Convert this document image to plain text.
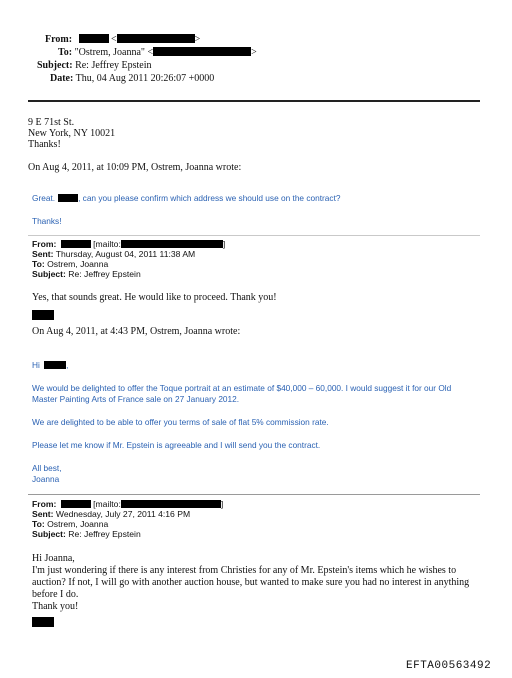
From:	<	>
To: "Ostrem, Joanna" <	>
Subject: Re: Jeffrey Epstein
Date: Thu, 04 Aug 2011 20:26:07 +0000
9 E 71st St.
New York, NY 10021
Thanks!
On Aug 4, 2011, at 10:09 PM, Ostrem, Joanna wrote:
Great.	, can you please confirm which address we should use on the contract?
Thanks!
From:	[mailto:	]
Sent: Thursday, August 04, 2011 11:38 AM
To: Ostrem, Joanna
Subject: Re: Jeffrey Epstein
Yes, that sounds great. He would like to proceed. Thank you!
On Aug 4, 2011, at 4:43 PM, Ostrem, Joanna wrote:
Hi	,
We would be delighted to offer the Toque portrait at an estimate of $40,000 – 60,000. I would suggest it for our Old
Master Painting Arts of France sale on 27 January 2012.
We are delighted to be able to offer you terms of sale of flat 5% commission rate.
Please let me know if Mr. Epstein is agreeable and I will send you the contract.
All best,
Joanna
From:	[mailto:	]
Sent: Wednesday, July 27, 2011 4:16 PM
To: Ostrem, Joanna
Subject: Re: Jeffrey Epstein
Hi Joanna,
I'm just wondering if there is any interest from Christies for any of Mr. Epstein's items which he wishes to
auction? If not, I will go with another auction house, but wanted to make sure you had no interest in anything
before I do.
Thank you!
EFTA00563492
